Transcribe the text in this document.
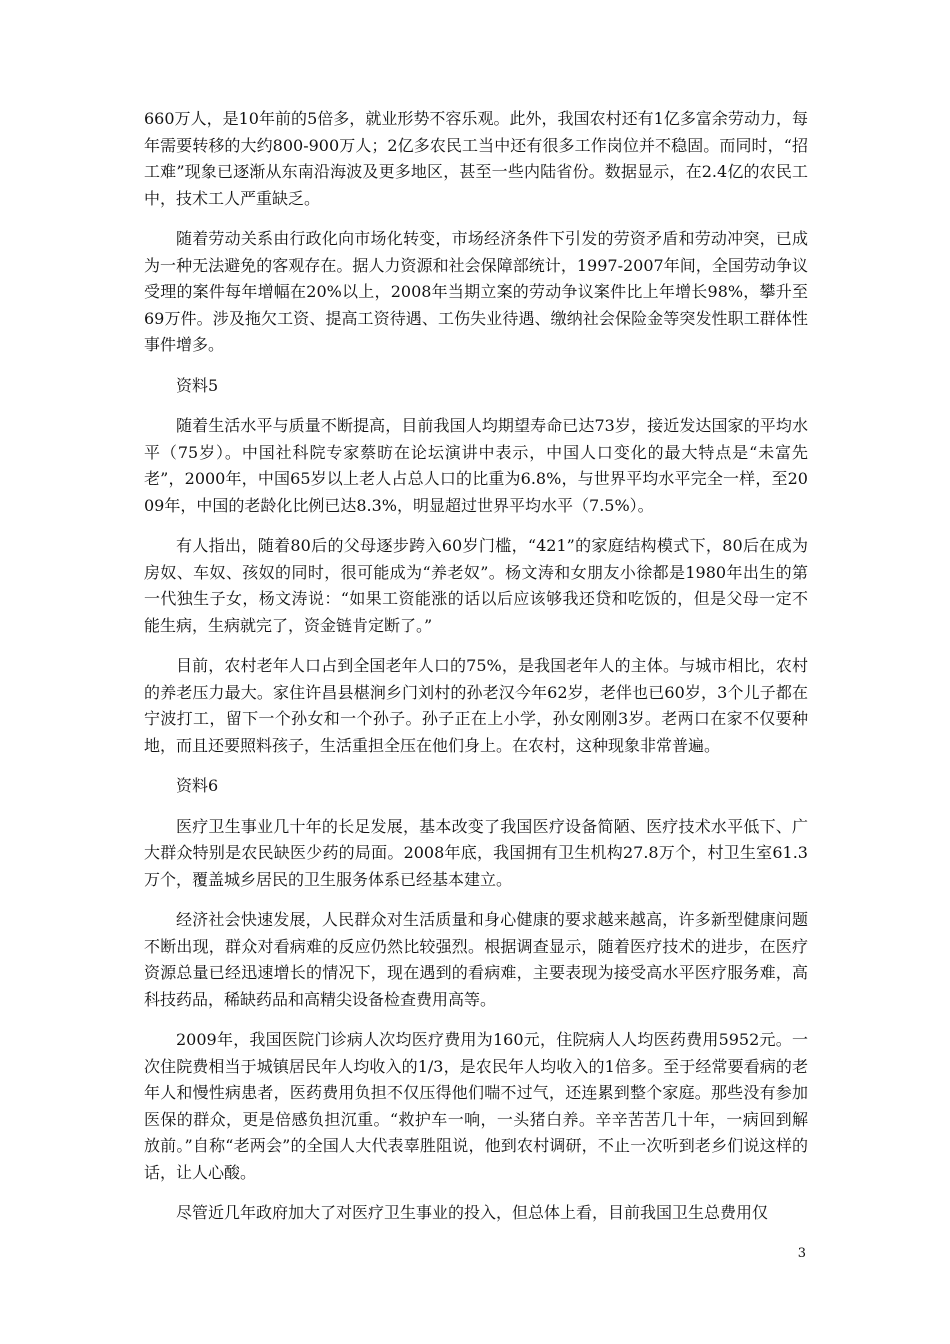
660万人，是10年前的5倍多，就业形势不容乐观。此外，我国农村还有1亿多富余劳动力，每年需要转移的大约800-900万人；2亿多农民工当中还有很多工作岗位并不稳固。而同时，“招工难”现象已逐渐从东南沿海波及更多地区，甚至一些内陆省份。数据显示，在2.4亿的农民工中，技术工人严重缺乏。

随着劳动关系由行政化向市场化转变，市场经济条件下引发的劳资矛盾和劳动冲突，已成为一种无法避免的客观存在。据人力资源和社会保障部统计，1997-2007年间，全国劳动争议受理的案件每年增幅在20%以上，2008年当期立案的劳动争议案件比上年增长98%，攀升至69万件。涉及拖欠工资、提高工资待遇、工伤失业待遇、缴纳社会保险金等突发性职工群体性事件增多。

资料5

随着生活水平与质量不断提高，目前我国人均期望寿命已达73岁，接近发达国家的平均水平（75岁）。中国社科院专家蔡昉在论坛演讲中表示，中国人口变化的最大特点是“未富先老”，2000年，中国65岁以上老人占总人口的比重为6.8%，与世界平均水平完全一样，至2009年，中国的老龄化比例已达8.3%，明显超过世界平均水平（7.5%）。

有人指出，随着80后的父母逐步跨入60岁门槛，“421”的家庭结构模式下，80后在成为房奴、车奴、孩奴的同时，很可能成为“养老奴”。杨文涛和女朋友小徐都是1980年出生的第一代独生子女，杨文涛说：“如果工资能涨的话以后应该够我还贷和吃饭的，但是父母一定不能生病，生病就完了，资金链肯定断了。”

目前，农村老年人口占到全国老年人口的75%，是我国老年人的主体。与城市相比，农村的养老压力最大。家住许昌县椹涧乡门刘村的孙老汉今年62岁，老伴也已60岁，3个儿子都在宁波打工，留下一个孙女和一个孙子。孙子正在上小学，孙女刚刚3岁。老两口在家不仅要种地，而且还要照料孩子，生活重担全压在他们身上。在农村，这种现象非常普遍。

资料6

医疗卫生事业几十年的长足发展，基本改变了我国医疗设备简陋、医疗技术水平低下、广大群众特别是农民缺医少药的局面。2008年底，我国拥有卫生机构27.8万个，村卫生室61.3万个，覆盖城乡居民的卫生服务体系已经基本建立。

经济社会快速发展，人民群众对生活质量和身心健康的要求越来越高，许多新型健康问题不断出现，群众对看病难的反应仍然比较强烈。根据调查显示，随着医疗技术的进步，在医疗资源总量已经迅速增长的情况下，现在遇到的看病难，主要表现为接受高水平医疗服务难，高科技药品，稀缺药品和高精尖设备检查费用高等。

2009年，我国医院门诊病人次均医疗费用为160元，住院病人人均医药费用5952元。一次住院费相当于城镇居民年人均收入的1/3，是农民年人均收入的1倍多。至于经常要看病的老年人和慢性病患者，医药费用负担不仅压得他们喘不过气，还连累到整个家庭。那些没有参加医保的群众，更是倍感负担沉重。“救护车一响，一头猪白养。辛辛苦苦几十年，一病回到解放前。”自称“老两会”的全国人大代表辜胜阻说，他到农村调研，不止一次听到老乡们说这样的话，让人心酸。

尽管近几年政府加大了对医疗卫生事业的投入，但总体上看，目前我国卫生总费用仅

3
